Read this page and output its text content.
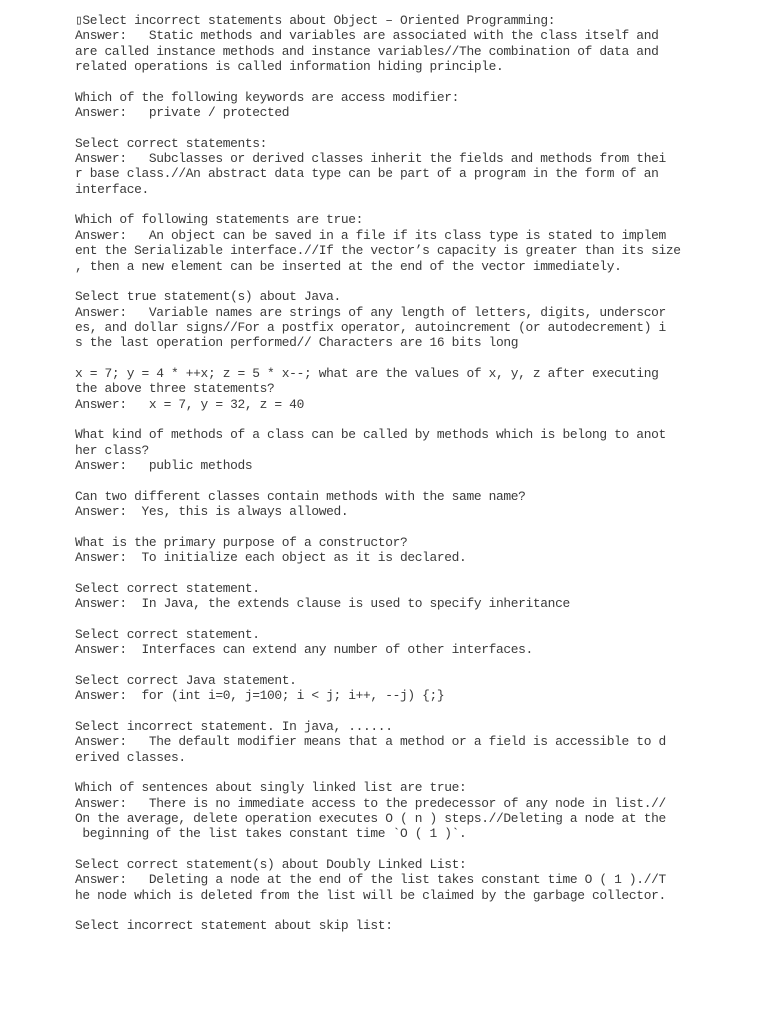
▯Select incorrect statements about Object – Oriented Programming:
Answer:   Static methods and variables are associated with the class itself and
are called instance methods and instance variables//The combination of data and
related operations is called information hiding principle.
Which of the following keywords are access modifier:
Answer:   private / protected
Select correct statements:
Answer:   Subclasses or derived classes inherit the fields and methods from thei
r base class.//An abstract data type can be part of a program in the form of an
interface.
Which of following statements are true:
Answer:   An object can be saved in a file if its class type is stated to implem
ent the Serializable interface.//If the vector’s capacity is greater than its size
, then a new element can be inserted at the end of the vector immediately.
Select true statement(s) about Java.
Answer:   Variable names are strings of any length of letters, digits, underscor
es, and dollar signs//For a postfix operator, autoincrement (or autodecrement) i
s the last operation performed// Characters are 16 bits long
x = 7; y = 4 * ++x; z = 5 * x--; what are the values of x, y, z after executing
the above three statements?
Answer:   x = 7, y = 32, z = 40
What kind of methods of a class can be called by methods which is belong to anot
her class?
Answer:   public methods
Can two different classes contain methods with the same name?
Answer:  Yes, this is always allowed.
What is the primary purpose of a constructor?
Answer:  To initialize each object as it is declared.
Select correct statement.
Answer:  In Java, the extends clause is used to specify inheritance
Select correct statement.
Answer:  Interfaces can extend any number of other interfaces.
Select correct Java statement.
Answer:  for (int i=0, j=100; i < j; i++, --j) {;}
Select incorrect statement. In java, ......
Answer:   The default modifier means that a method or a field is accessible to d
erived classes.
Which of sentences about singly linked list are true:
Answer:   There is no immediate access to the predecessor of any node in list.//
On the average, delete operation executes O ( n ) steps.//Deleting a node at the
beginning of the list takes constant time `O ( 1 )`.
Select correct statement(s) about Doubly Linked List:
Answer:   Deleting a node at the end of the list takes constant time O ( 1 ).//T
he node which is deleted from the list will be claimed by the garbage collector.
Select incorrect statement about skip list:
